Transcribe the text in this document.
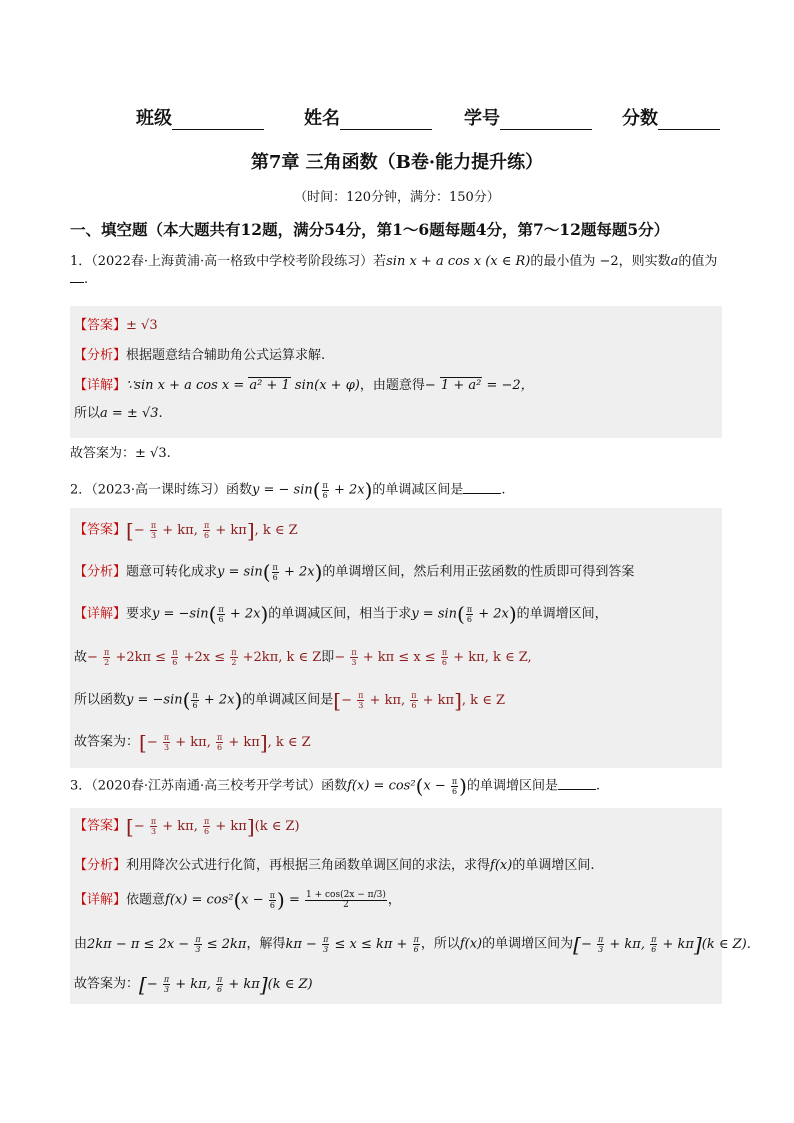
班级	姓名	学号	分数
第7章 三角函数（B卷·能力提升练）
（时间：120分钟，满分：150分）
一、填空题（本大题共有12题，满分54分，第1～6题每题4分，第7～12题每题5分）
1．（2022春·上海黄浦·高一格致中学校考阶段练习）若sin x + a cos x (x ∈ R)的最小值为 −2，则实数a的值为
.
【答案】± √3
【分析】根据题意结合辅助角公式运算求解.
【详解】∵sin x + a cos x = a² + 1 sin(x + φ)，由题意得− 1 + a² = −2，
所以a = ± √3.
故答案为：± √3.
2．（2023·高一课时练习）函数y = − $\sin( \frac{\pi}{6} + 2x)$的单调减区间是	.
【答案】[− $\frac{\pi}{3} + k\pi$, $\frac{\pi}{6} + k\pi$], k ∈ Z
【分析】题意可转化成求$y = \sin( \frac{\pi}{6} + 2x)$的单调增区间，然后利用正弦函数的性质即可得到答案
【详解】要求$y = -\sin( \frac{\pi}{6} + 2x)$的单调减区间，相当于求$y = \sin( \frac{\pi}{6} + 2x)$的单调增区间，
故− $\frac{\pi}{2} +2k\pi \le \frac{\pi}{6} +2x \le \frac{\pi}{2} +2k\pi$, k ∈ Z即− $\frac{\pi}{3} + k\pi \le x \le \frac{\pi}{6} + k\pi$, k ∈ Z,
所以函数$y = -\sin( \frac{\pi}{6} + 2x)$的单调减区间是[− $\frac{\pi}{3} + k\pi$, $\frac{\pi}{6} + k\pi$], k ∈ Z
故答案为：[− $\frac{\pi}{3} + k\pi$, $\frac{\pi}{6} + k\pi$], k ∈ Z
3．（2020春·江苏南通·高三校考开学考试）函数$f(x) = \cos^2(x - \frac{\pi}{6}$ )的单调增区间是	.
【答案】[− $\frac{\pi}{3} + k\pi$, $\frac{\pi}{6} + k\pi](k$ ∈ Z)
【分析】利用降次公式进行化简，再根据三角函数单调区间的求法，求得f(x)的单调增区间.
【详解】依题意$f(x) = \cos^2(x - \frac{\pi}{6}$ ) = $\frac{1 + \cos(2x - \pi/3)}{2}$ ，
由$2k\pi - \pi \le 2x - \frac{\pi}{3} \le 2k\pi$，解得$k\pi - \frac{\pi}{3} \le x \le k\pi + \frac{\pi}{6}$ ，所以f(x)的单调增区间为[− $\frac{\pi}{3} + k\pi$, $\frac{\pi}{6} + k\pi](k$ ∈ Z).
故答案为：[− $\frac{\pi}{3} + k\pi$, $\frac{\pi}{6} + k\pi](k$ ∈ Z)
